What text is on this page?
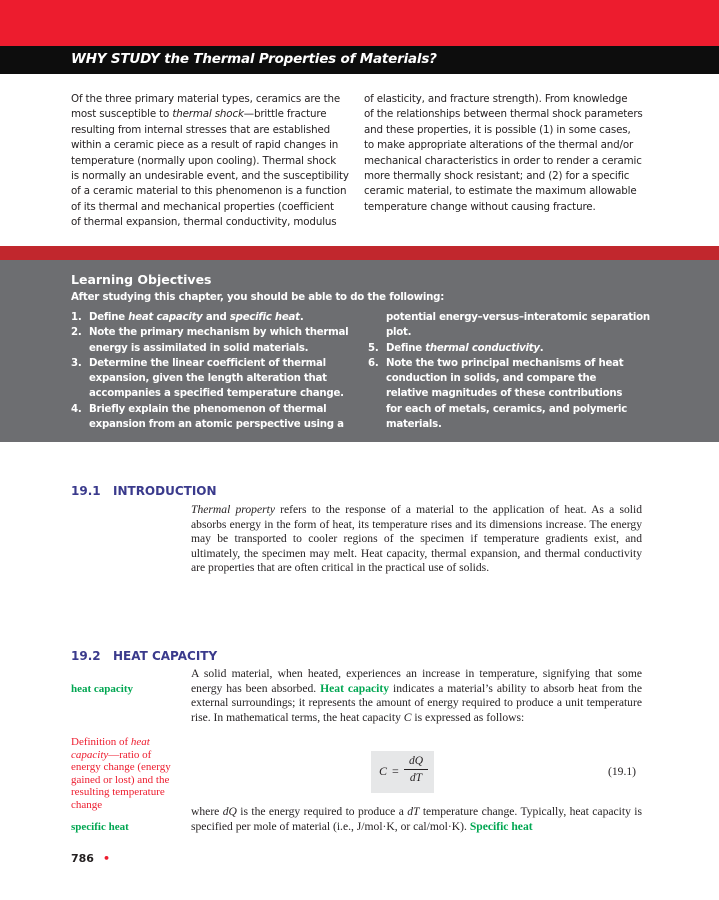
WHY STUDY the Thermal Properties of Materials?

Of the three primary material types, ceramics are the

most susceptible to thermal shock—brittle fracture

resulting from internal stresses that are established

within a ceramic piece as a result of rapid changes in

temperature (normally upon cooling). Thermal shock

is normally an undesirable event, and the susceptibility

of a ceramic material to this phenomenon is a function

of its thermal and mechanical properties (coefficient

of thermal expansion, thermal conductivity, modulus

of elasticity, and fracture strength). From knowledge

of the relationships between thermal shock parameters

and these properties, it is possible (1) in some cases,

to make appropriate alterations of the thermal and/or

mechanical characteristics in order to render a ceramic

more thermally shock resistant; and (2) for a specific

ceramic material, to estimate the maximum allowable

temperature change without causing fracture.

Learning Objectives
After studying this chapter, you should be able to do the following:
1. Define heat capacity and specific heat.
2. Note the primary mechanism by which thermal
energy is assimilated in solid materials.
3. Determine the linear coefficient of thermal
expansion, given the length alteration that
accompanies a specified temperature change.
4. Briefly explain the phenomenon of thermal
expansion from an atomic perspective using a
potential energy–versus–interatomic separation
plot.
5. Define thermal conductivity.
6. Note the two principal mechanisms of heat
conduction in solids, and compare the
relative magnitudes of these contributions
for each of metals, ceramics, and polymeric
materials.
19.1 INTRODUCTION

Thermal property refers to the response of a material to the application of heat. As a solid absorbs energy in the form of heat, its temperature rises and its dimensions increase. The energy may be transported to cooler regions of the specimen if temperature gradients exist, and ultimately, the specimen may melt. Heat capacity, thermal expansion, and thermal conductivity are properties that are often critical in the practical use of solids.

19.2 HEAT CAPACITY

A solid material, when heated, experiences an increase in temperature, signifying that some energy has been absorbed. Heat capacity indicates a material’s ability to absorb heat from the external surroundings; it represents the amount of energy required to produce a unit temperature rise. In mathematical terms, the heat capacity C is expressed as follows:

heat capacity
Definition of heat capacity—ratio of energy change (energy gained or lost) and the resulting temperature change
C =
dQ
dT	(19.1)

where dQ is the energy required to produce a dT temperature change. Typically, heat capacity is specified per mole of material (i.e., J/mol·K, or cal/mol·K). Specific heat

specific heat
786 •
